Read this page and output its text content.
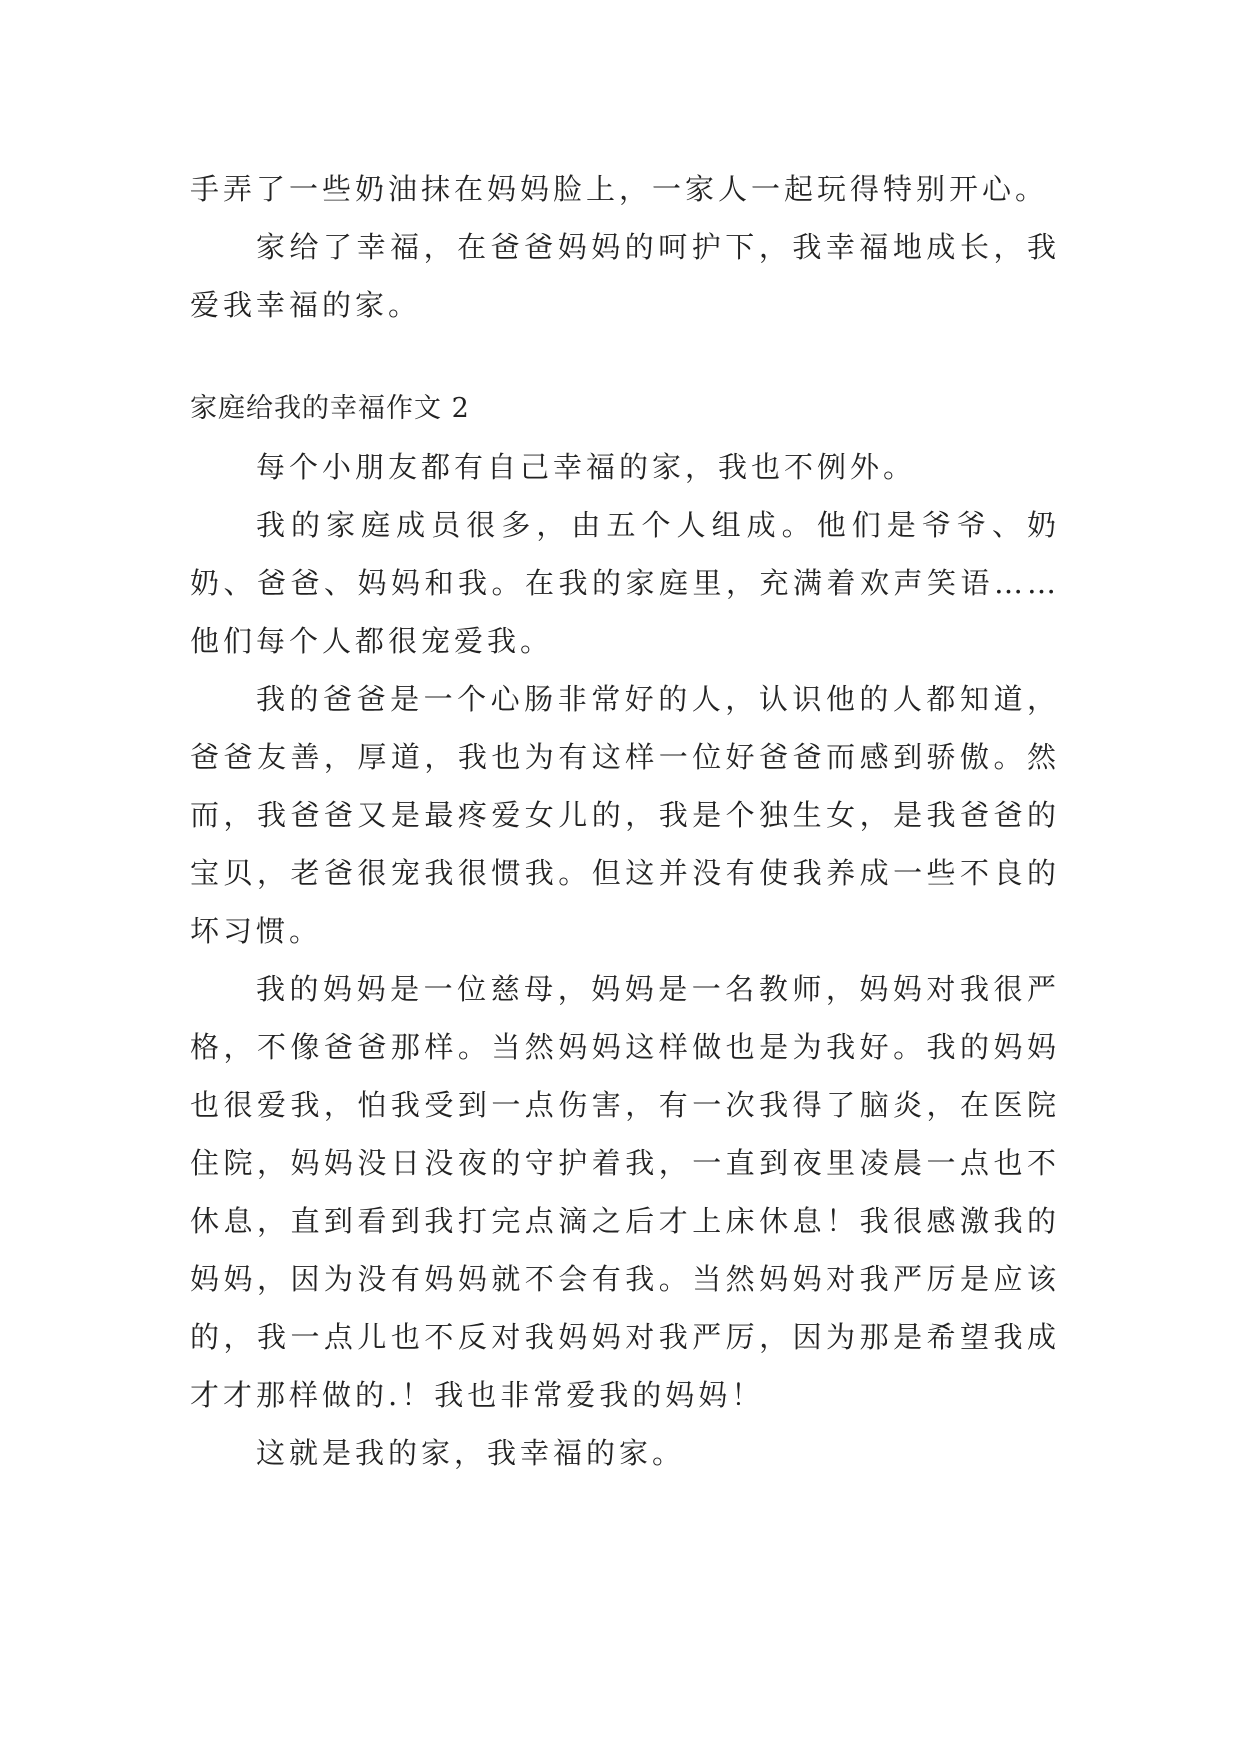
手弄了一些奶油抹在妈妈脸上，一家人一起玩得特别开心。

家给了幸福，在爸爸妈妈的呵护下，我幸福地成长，我爱我幸福的家。

家庭给我的幸福作文 2

每个小朋友都有自己幸福的家，我也不例外。

我的家庭成员很多，由五个人组成。他们是爷爷、奶奶、爸爸、妈妈和我。在我的家庭里，充满着欢声笑语……他们每个人都很宠爱我。

我的爸爸是一个心肠非常好的人，认识他的人都知道，爸爸友善，厚道，我也为有这样一位好爸爸而感到骄傲。然而，我爸爸又是最疼爱女儿的，我是个独生女，是我爸爸的宝贝，老爸很宠我很惯我。但这并没有使我养成一些不良的坏习惯。

我的妈妈是一位慈母，妈妈是一名教师，妈妈对我很严格，不像爸爸那样。当然妈妈这样做也是为我好。我的妈妈也很爱我，怕我受到一点伤害，有一次我得了脑炎，在医院住院，妈妈没日没夜的守护着我，一直到夜里凌晨一点也不休息，直到看到我打完点滴之后才上床休息！我很感激我的妈妈，因为没有妈妈就不会有我。当然妈妈对我严厉是应该的，我一点儿也不反对我妈妈对我严厉，因为那是希望我成才才那样做的.！我也非常爱我的妈妈！

这就是我的家，我幸福的家。
